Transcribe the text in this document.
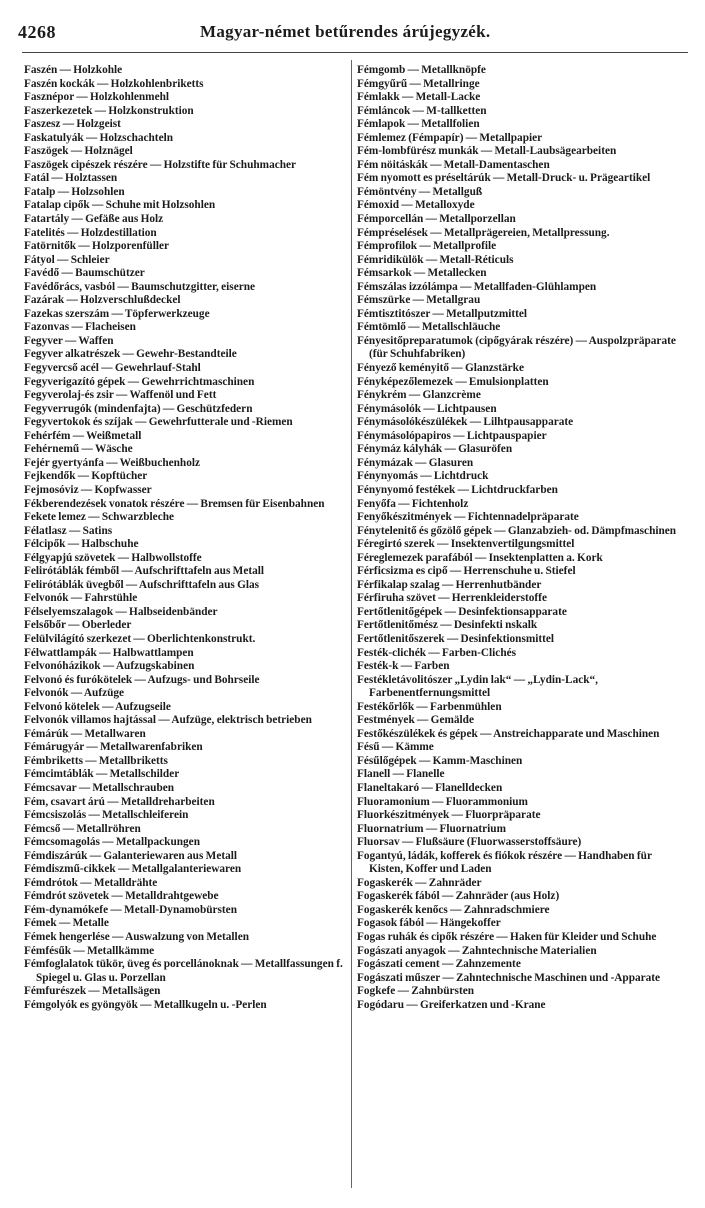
4268	Magyar-német betűrendes árújegyzék.

Faszén — Holzkohle

Faszén kockák — Holzkohlenbriketts

Fasznépor — Holzkohlenmehl

Faszerkezetek — Holzkonstruktion

Faszesz — Holzgeist

Faskatulyák — Holzschachteln

Faszögek — Holznägel

Faszögek cipészek részére — Holzstifte für Schuhmacher

Fatál — Holztassen

Fatalp — Holzsohlen

Fatalap cipők — Schuhe mit Holzsohlen

Fatartály — Gefäße aus Holz

Fatelités — Holzdestillation

Fatörnitők — Holzporenfüller

Fátyol — Schleier

Favédő — Baumschützer

Favédőrács, vasból — Baumschutzgitter, eiserne

Fazárak — Holzverschlußdeckel

Fazekas szerszám — Töpferwerkzeuge

Fazonvas — Flacheisen

Fegyver — Waffen

Fegyver alkatrészek — Gewehr-Bestandteile

Fegyvercső acél — Gewehrlauf-Stahl

Fegyverigazító gépek — Gewehrrichtmaschinen

Fegyverolaj-és zsir — Waffenöl und Fett

Fegyverrugók (mindenfajta) — Geschützfedern

Fegyvertokok és szíjak — Gewehrfutterale und -Riemen

Fehérfém — Weißmetall

Fehérnemű — Wäsche

Fejér gyertyánfa — Weißbuchenholz

Fejkendők — Kopftücher

Fejmosóviz — Kopfwasser

Fékberendezések vonatok részére — Bremsen für Eisenbahnen

Fekete lemez — Schwarzbleche

Félatlasz — Satins

Félcipők — Halbschuhe

Félgyapjú szövetek — Halbwollstoffe

Felirótáblák fémből — Aufschrifttafeln aus Metall

Felirótáblák üvegből — Aufschrifttafeln aus Glas

Felvonók — Fahrstühle

Félselyemszalagok — Halbseidenbänder

Felsőbőr — Oberleder

Felülvilágító szerkezet — Oberlichtenkonstrukt.

Félwattlampák — Halbwattlampen

Felvonóházikok — Aufzugskabinen

Felvonó és furókötelek — Aufzugs- und Bohrseile

Felvonók — Aufzüge

Felvonó kötelek — Aufzugseile

Felvonók villamos hajtással — Aufzüge, elektrisch betrieben

Fémárúk — Metallwaren

Fémárugyár — Metallwarenfabriken

Fémbriketts — Metallbriketts

Fémcimtáblák — Metallschilder

Fémcsavar — Metallschrauben

Fém, csavart árú — Metalldreharbeiten

Fémcsiszolás — Metallschleiferein

Fémcső — Metallröhren

Fémcsomagolás — Metallpackungen

Fémdiszárúk — Galanteriewaren aus Metall

Fémdiszmű-cikkek — Metallgalanteriewaren

Fémdrótok — Metalldrähte

Fémdrót szövetek — Metalldrahtgewebe

Fém-dynamókefe — Metall-Dynamobürsten

Fémek — Metalle

Fémek hengerlése — Auswalzung von Metallen

Fémfésűk — Metallkämme

Fémfoglalatok tükör, üveg és porcellánoknak — Metallfassungen f. Spiegel u. Glas u. Porzellan

Fémfurészek — Metallsägen

Fémgolyók es gyöngyök — Metallkugeln u. -Perlen

Fémgomb — Metallknöpfe

Fémgyűrű — Metallringe

Fémlakk — Metall-Lacke

Fémláncok — M-tallketten

Fémlapok — Metallfolien

Fémlemez (Fémpapír) — Metallpapier

Fém-lombfürész munkák — Metall-Laubsägearbeiten

Fém nöitáskák — Metall-Damentaschen

Fém nyomott es préseltárúk — Metall-Druck- u. Prägeartikel

Fémöntvény — Metallguß

Fémoxid — Metalloxyde

Fémporcellán — Metallporzellan

Fémpréselések — Metallprägereien, Metallpressung.

Fémprofilok — Metallprofile

Fémridikülök — Metall-Réticuls

Fémsarkok — Metallecken

Fémszálas izzólámpa — Metallfaden-Glühlampen

Fémszürke — Metallgrau

Fémtisztitószer — Metallputzmittel

Fémtömlő — Metallschläuche

Fényesitőpreparatumok (cipőgyárak részére) — Auspolzpräparate (für Schuhfabriken)

Fényező keményitő — Glanzstärke

Fényképezőlemezek — Emulsionplatten

Fénykrém — Glanzcrème

Fénymásolók — Lichtpausen

Fénymásolókészülékek — Lilhtpausapparate

Fénymásolópapiros — Lichtpauspapier

Fénymáz kályhák — Glasuröfen

Fénymázak — Glasuren

Fénynyomás — Lichtdruck

Fénynyomó festékek — Lichtdruckfarben

Fenyőfa — Fichtenholz

Fenyőkészitmények — Fichtennadelpräparate

Fénytelenitő és gőzölő gépek — Glanzabzieh- od. Dämpfmaschinen

Féregirtó szerek — Insektenvertilgungsmittel

Féreglemezek parafából — Insektenplatten a. Kork

Férficsizma es cipő — Herrenschuhe u. Stiefel

Férfikalap szalag — Herrenhutbänder

Férfiruha szövet — Herrenkleiderstoffe

Fertőtlenitőgépek — Desinfektionsapparate

Fertőtlenitőmész — Desinfekti nskalk

Fertőtlenitőszerek — Desinfektionsmittel

Festék-clichék — Farben-Clichés

Festék-k — Farben

Festékletávolitószer „Lydin lak“ — „Lydin-Lack“, Farbenentfernungsmittel

Festékőrlők — Farbenmühlen

Festmények — Gemälde

Festőkészülékek és gépek — Anstreichapparate und Maschinen

Fésű — Kämme

Fésűlőgépek — Kamm-Maschinen

Flanell — Flanelle

Flaneltakaró — Flanelldecken

Fluoramonium — Fluorammonium

Fluorkészitmények — Fluorpräparate

Fluornatrium — Fluornatrium

Fluorsav — Flußsäure (Fluorwasserstoffsäure)

Fogantyú, ládák, kofferek és fiókok részére — Handhaben für Kisten, Koffer und Laden

Fogaskerék — Zahnräder

Fogaskerék fából — Zahnräder (aus Holz)

Fogaskerék kenőcs — Zahnradschmiere

Fogasok fából — Hängekoffer

Fogas ruhák és cipők részére — Haken für Kleider und Schuhe

Fogászati anyagok — Zahntechnische Materialien

Fogászati cement — Zahnzemente

Fogászati műszer — Zahntechnische Maschinen und -Apparate

Fogkefe — Zahnbürsten

Fogódaru — Greiferkatzen und -Krane
